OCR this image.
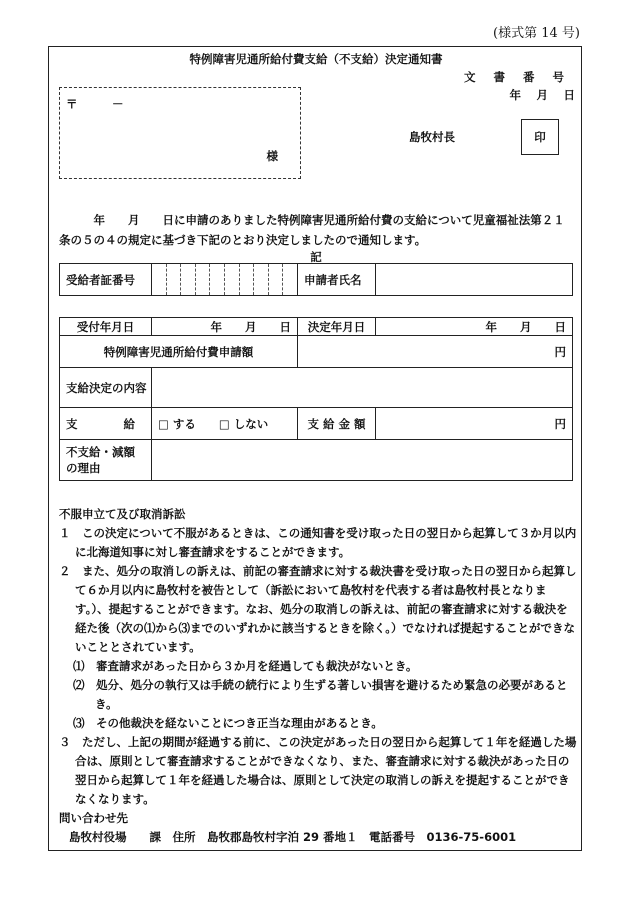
(様式第 14 号)
特例障害児通所給付費支給（不支給）決定通知書
文 書 番 号
年　月　日
〒　　　－
様
島牧村長	印
　　　年　　月　　日に申請のありました特例障害児通所給付費の支給について児童福祉法第２１条の５の４の規定に基づき下記のとおり決定しましたので通知します。
記
受給者証番号		申請者氏名	
受付年月日	年　　月　　日	決定年月日	年　　月　　日
特例障害児通所給付費申請額		円	
支給決定の内容			
支　　　　給	□ する　　□ しない	支 給 金 額	円

不支給・減額
の理由			

不服申立て及び取消訴訟

１　この決定について不服があるときは、この通知書を受け取った日の翌日から起算して３か月以内に北海道知事に対し審査請求をすることができます。

２　また、処分の取消しの訴えは、前記の審査請求に対する裁決書を受け取った日の翌日から起算して６か月以内に島牧村を被告として（訴訟において島牧村を代表する者は島牧村長となります。）、提起することができます。なお、処分の取消しの訴えは、前記の審査請求に対する裁決を経た後（次の⑴から⑶までのいずれかに該当するときを除く。）でなければ提起することができないこととされています。

⑴　審査請求があった日から３か月を経過しても裁決がないとき。

⑵　処分、処分の執行又は手続の続行により生ずる著しい損害を避けるため緊急の必要があるとき。

⑶　その他裁決を経ないことにつき正当な理由があるとき。

３　ただし、上記の期間が経過する前に、この決定があった日の翌日から起算して１年を経過した場合は、原則として審査請求することができなくなり、また、審査請求に対する裁決があった日の翌日から起算して１年を経過した場合は、原則として決定の取消しの訴えを提起することができなくなります。

問い合わせ先

島牧村役場　　課　住所　島牧郡島牧村字泊 29 番地１　電話番号　0136-75-6001
